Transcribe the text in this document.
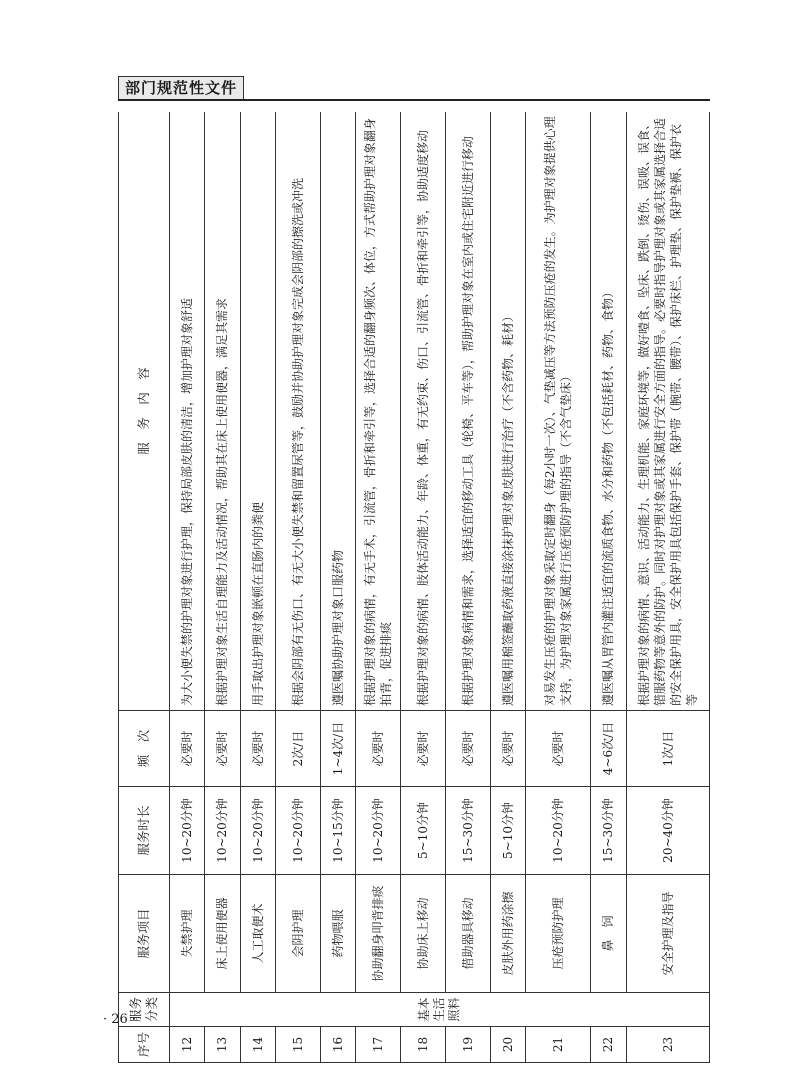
部门规范性文件
序号	服务分类	服务项目	服务时长	频　次	服　务　内　容
12	基本生活照料	失禁护理	10~20分钟	必要时	为大小便失禁的护理对象进行护理，保持局部皮肤的清洁，增加护理对象舒适
13		床上使用便器	10~20分钟	必要时	根据护理对象生活自理能力及活动情况，帮助其在床上使用便器，满足其需求
14		人工取便术	10~20分钟	必要时	用手取出护理对象嵌顿在直肠内的粪便
15		会阴护理	10~20分钟	2次/日	根据会阴部有无伤口、有无大小便失禁和留置尿管等，鼓励并协助护理对象完成会阴部的擦洗或冲洗
16		药物喂服	10~15分钟	1~4次/日	遵医嘱协助护理对象口服药物
17		协助翻身叩背排痰	10~20分钟	必要时	根据护理对象的病情，有无手术，引流管，骨折和牵引等，选择合适的翻身频次、体位，方式帮助护理对象翻身拍背，促进排痰
18		协助床上移动	5~10分钟	必要时	根据护理对象的病情、肢体活动能力、年龄、体重，有无约束、伤口、引流管、骨折和牵引等，协助适度移动
19		借助器具移动	15~30分钟	必要时	根据护理对象病情和需求，选择适宜的移动工具（轮椅、平车等），帮助护理对象在室内或住宅附近进行移动
20		皮肤外用药涂擦	5~10分钟	必要时	遵医嘱用棉签蘸取药液直接涂抹护理对象皮肤进行治疗（不含药物、耗材）
21		压疮预防护理	10~20分钟	必要时	对易发生压疮的护理对象采取定时翻身（每2小时一次）、气垫减压等方法预防压疮的发生。为护理对象提供心理支持，为护理对象家属进行压疮预防护理的指导（不含气垫床）
22		鼻　饲	15~30分钟	4~6次/日	遵医嘱从胃管内灌注适宜的流质食物、水分和药物（不包括耗材、药物、食物）
23		安全护理及指导	20~40分钟	1次/日	根据护理对象的病情、意识、活动能力、生理机能、家庭环境等，做好噎食、坠床、跌倒、烫伤、误吸、误食、错服药物等意外的防护。同时对护理对象或其家属进行安全方面的指导。必要时指导护理对象或其家属选择合适的安全保护用具，安全保护用具包括保护手套、保护带（腕带、腰带）、保护床栏、护理垫、保护垫褥、保护衣等
· 26 ·
